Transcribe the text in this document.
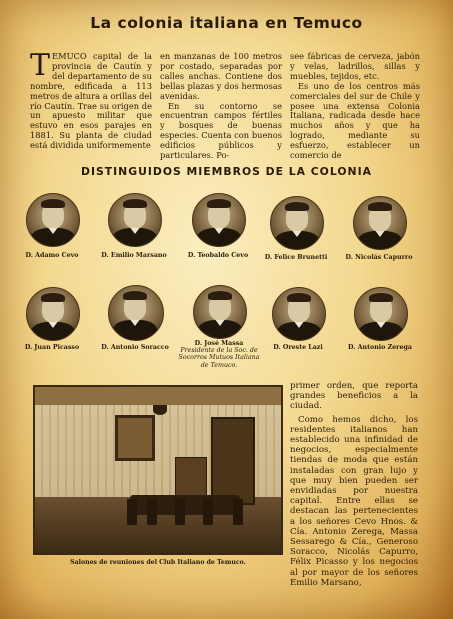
La colonia italiana en Temuco
TEMUCO capital de la provincia de Cautín y del departamento de su nombre, edificada a 113 metros de altura a orillas del río Cautín. Trae su origen de un apuesto militar que estuvo en esos parajes en 1881. Su planta de ciudad está dividida uniformemente
en manzanas de 100 metros por costado, separadas por calles anchas. Contiene dos bellas plazas y dos hermosas avenidas.
En su contorno se encuentran campos fértiles y bosques de buenas especies. Cuenta con buenos edificios públicos y particulares. Po-
see fábricas de cerveza, jabón y velas, ladrillos, sillas y muebles, tejidos, etc.
Es uno de los centros más comerciales del sur de Chile y posee una extensa Colonia Italiana, radicada desde hace muchos años y que ha logrado, mediante su esfuerzo, establecer un comercio de
DISTINGUIDOS MIEMBROS DE LA COLONIA
D. Adamo Cevo	D. Emilio Marsano	D. Teobaldo Cevo	D. Felice Brunetti	D. Nicolás Capurro
D. Juan Picasso	D. Antonio Soracco
D. José Massa
Presidente de la Soc. de Socorros Mutuos Italiana de Temuco.
D. Oreste Lazi	D. Antonio Zerega
Salones de reuniones del Club Italiano de Temuco.

primer orden, que reporta grandes beneficios a la ciudad.

Como hemos dicho, los residentes italianos han establecido una infinidad de negocios, especialmente tiendas de moda que están instaladas con gran lujo y que muy bien pueden ser envidiadas por nuestra capital. Entre ellas se destacan las pertenecientes a los señores Cevo Hnos. & Cía. Antonio Zerega, Massa Sessarego & Cía., Generoso Soracco, Nicolás Capurro, Félix Picasso y los negocios al por mayor de los señores Emilio Marsano,
